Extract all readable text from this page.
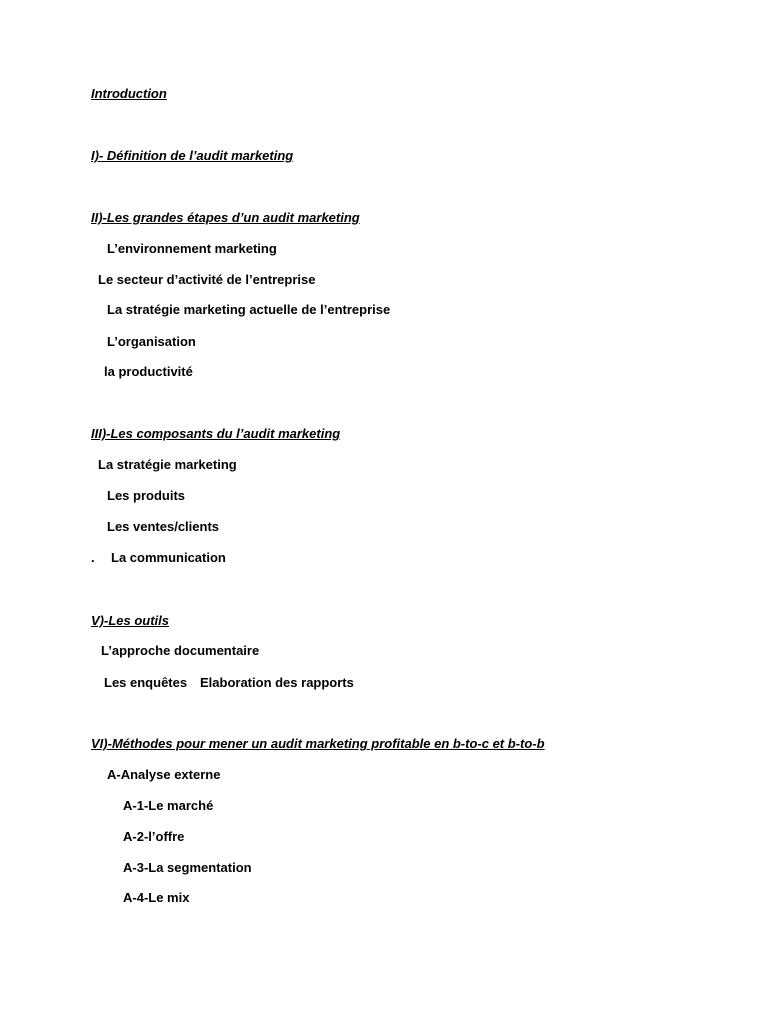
Introduction
I)- Définition de l’audit marketing
II)-Les grandes étapes d’un audit marketing
L’environnement marketing
Le secteur d’activité de l’entreprise
La stratégie marketing actuelle de l’entreprise
L’organisation
la productivité
III)-Les composants du l’audit marketing
La stratégie marketing
Les produits
Les ventes/clients
. La communication
V)-Les outils
L’approche documentaire
Les enquêtes Elaboration des rapports
VI)-Méthodes pour mener un audit marketing profitable en b-to-c et b-to-b
A-Analyse externe
A-1-Le marché
A-2-l’offre
A-3-La segmentation
A-4-Le mix
